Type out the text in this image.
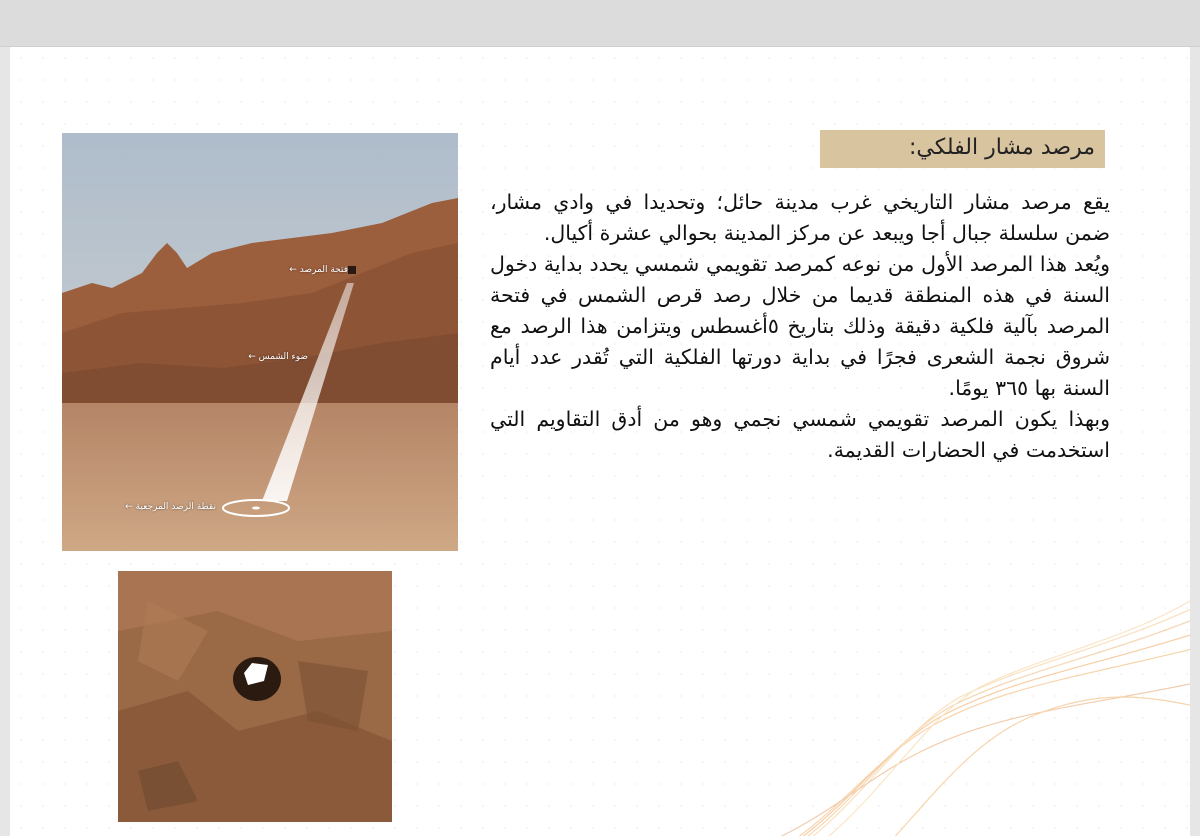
مرصد مشار الفلكي:

يقع مرصد مشار التاريخي غرب مدينة حائل؛ وتحديدا في وادي مشار، ضمن سلسلة جبال أجا ويبعد عن مركز المدينة بحوالي عشرة أكيال.

ويُعد هذا المرصد الأول من نوعه كمرصد تقويمي شمسي يحدد بداية دخول السنة في هذه المنطقة قديما من خلال رصد قرص الشمس في فتحة المرصد بآلية فلكية دقيقة وذلك بتاريخ ٥أغسطس ويتزامن هذا الرصد مع شروق نجمة الشعرى فجرًا في بداية دورتها الفلكية التي تُقدر عدد أيام السنة بها ٣٦٥ يومًا.

وبهذا يكون المرصد تقويمي شمسي نجمي وهو من أدق التقاويم التي استخدمت في الحضارات القديمة.

فتحة المرصد ←
ضوء الشمس ←
نقطة الرصد المرجعية ←
